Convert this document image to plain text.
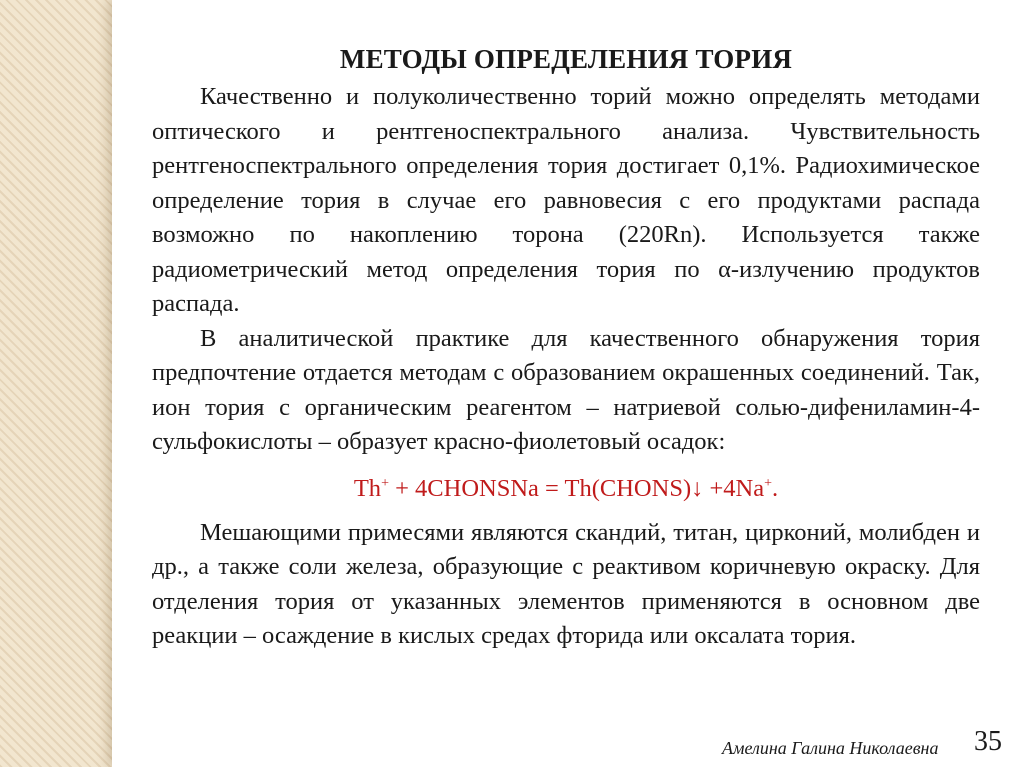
МЕТОДЫ ОПРЕДЕЛЕНИЯ ТОРИЯ

Качественно и полуколичественно торий можно определять методами оптического и рентгеноспектрального анализа. Чувствительность рентгеноспектрального определения тория достигает 0,1%. Радиохимическое определение тория в случае его равновесия с его продуктами распада возможно по накоплению торона (220Rn). Используется также радиометрический метод определения тория по α-излучению продуктов распада.

В аналитической практике для качественного обнаружения тория предпочтение отдается методам с образованием окрашенных соединений. Так, ион тория с органическим реагентом – натриевой солью-дифениламин-4-сульфокислоты – образует красно-фиолетовый осадок:

Th+ + 4CHONSNa = Th(CHONS)↓ +4Na+.

Мешающими примесями являются скандий, титан, цирконий, молибден и др., а также соли железа, образующие с реактивом коричневую окраску. Для отделения тория от указанных элементов применяются в основном две реакции – осаждение в кислых средах фторида или оксалата тория.

Амелина Галина Николаевна 35
